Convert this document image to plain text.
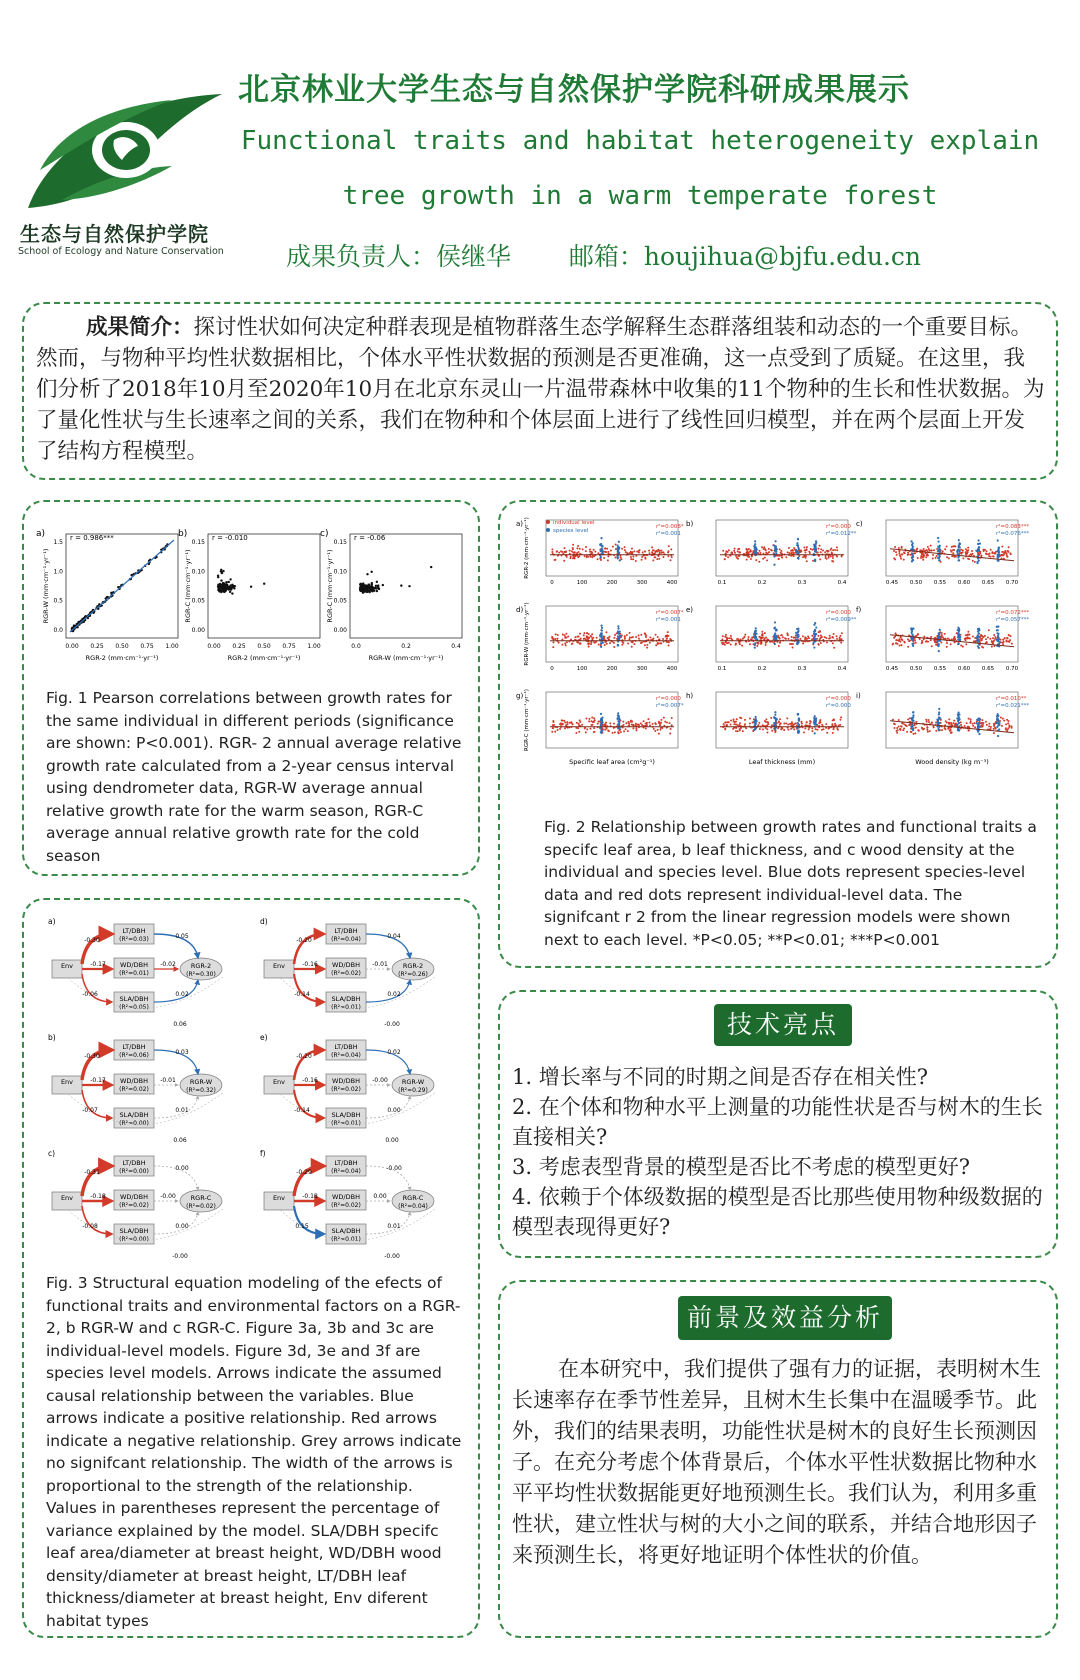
生态与自然保护学院
School of Ecology and Nature Conservation
北京林业大学生态与自然保护学院科研成果展示
Functional traits and habitat heterogeneity explain
tree growth in a warm temperate forest
成果负责人：侯继华 邮箱：houjihua@bjfu.edu.cn

成果简介：探讨性状如何决定种群表现是植物群落生态学解释生态群落组装和动态的一个重要目标。然而，与物种平均性状数据相比，个体水平性状数据的预测是否更准确，这一点受到了质疑。在这里，我们分析了2018年10月至2020年10月在北京东灵山一片温带森林中收集的11个物种的生长和性状数据。为了量化性状与生长速率之间的关系，我们在物种和个体层面上进行了线性回归模型，并在两个层面上开发了结构方程模型。

a)	r = 0.986***
RGR-W (mm·cm⁻¹·yr⁻¹)
RGR-2 (mm·cm⁻¹·yr⁻¹)
0.00 0.25 0.50 0.75 1.00
0.0
0.5
1.0
1.5
b)	r = -0.010
RGR-C (mm·cm⁻¹·yr⁻¹)
RGR-2 (mm·cm⁻¹·yr⁻¹)
0.00 0.25 0.50 0.75 1.00
0.00
0.05
0.10
0.15
c)	r = -0.06
RGR-C (mm·cm⁻¹·yr⁻¹)
RGR-W (mm·cm⁻¹·yr⁻¹)
0.0	0.2	0.4
0.00
0.05
0.10
0.15
Fig. 1 Pearson correlations between growth rates for the same individual in different periods (significance are shown: P<0.001). RGR- 2 annual average relative growth rate calculated from a 2-year census interval using dendrometer data, RGR-W average annual relative growth rate for the warm season, RGR-C average annual relative growth rate for the cold season
individual level
species level
a)	r²=0.008*
r²=0.001
0	100	200	300	400
RGR-2 (mm·cm⁻¹·yr⁻¹)	b)	r²=0.000
r²=0.012**
0.1	0.2	0.3	0.4
c)	r²=0.083***
r²=0.076***
0.45 0.50 0.55 0.60 0.65 0.70
d)	r²=0.007*
r²=0.001
0	100	200	300	400
RGR-W (mm·cm⁻¹·yr⁻¹)	e)	r²=0.000
r²=0.009**
0.1	0.2	0.3	0.4
f)	r²=0.072***
r²=0.057***
0.45 0.50 0.55 0.60 0.65 0.70
g)	r²=0.000
r²=0.007*
RGR-C (mm·cm⁻¹·yr⁻¹)
Specific leaf area (cm²g⁻¹)
h)	r²=0.000
r²=0.000
Leaf thickness (mm)
i)	r²=0.010**
r²=0.021***
Wood density (kg m⁻³)
Fig. 2 Relationship between growth rates and functional traits a specifc leaf area, b leaf thickness, and c wood density at the individual and species level. Blue dots represent species-level data and red dots represent individual-level data. The signifcant r 2 from the linear regression models were shown next to each level. *P<0.05; **P<0.01; ***P<0.001
a)
Env
LT/DBH
(R²=0.03)
WD/DBH
(R²=0.01)
SLA/DBH
(R²=0.05)
RGR-2
(R²=0.30)
-0.30
-0.17
-0.06
0.05
-0.02
0.02
0.06
d)
Env
LT/DBH
(R²=0.04)
WD/DBH
(R²=0.02)
SLA/DBH
(R²=0.01)
RGR-2
(R²=0.26)
-0.20
-0.16
-0.14
0.04
-0.01
0.02
-0.00
b)
Env
LT/DBH
(R²=0.06)
WD/DBH
(R²=0.02)
SLA/DBH
(R²=0.00)
RGR-W
(R²=0.32)
-0.30
-0.17
-0.07
0.03
-0.01
0.01
0.06
e)
Env
LT/DBH
(R²=0.04)
WD/DBH
(R²=0.02)
SLA/DBH
(R²=0.01)
RGR-W
(R²=0.29)
-0.20
-0.16
-0.14
0.02
-0.00
0.00
0.00
c)
Env
LT/DBH
(R²=0.00)
WD/DBH
(R²=0.02)
SLA/DBH
(R²=0.00)
RGR-C
(R²=0.02)
-0.31
-0.18
-0.08
0.00
-0.00
0.00
-0.00
f)
Env
LT/DBH
(R²=0.04)
WD/DBH
(R²=0.02)
SLA/DBH
(R²=0.01)
RGR-C
(R²=0.04)
-0.29
-0.18
0.15
-0.00
0.00
0.01
-0.00
Fig. 3 Structural equation modeling of the efects of functional traits and environmental factors on a RGR-2, b RGR-W and c RGR-C. Figure 3a, 3b and 3c are individual-level models. Figure 3d, 3e and 3f are species level models. Arrows indicate the assumed causal relationship between the variables. Blue arrows indicate a positive relationship. Red arrows indicate a negative relationship. Grey arrows indicate no signifcant relationship. The width of the arrows is proportional to the strength of the relationship. Values in parentheses represent the percentage of variance explained by the model. SLA/DBH specifc leaf area/diameter at breast height, WD/DBH wood density/diameter at breast height, LT/DBH leaf thickness/diameter at breast height, Env diferent habitat types
技术亮点
1. 增长率与不同的时期之间是否存在相关性?
2. 在个体和物种水平上测量的功能性状是否与树木的生长直接相关?
3. 考虑表型背景的模型是否比不考虑的模型更好?
4. 依赖于个体级数据的模型是否比那些使用物种级数据的模型表现得更好?
前景及效益分析
在本研究中，我们提供了强有力的证据，表明树木生长速率存在季节性差异，且树木生长集中在温暖季节。此外，我们的结果表明，功能性状是树木的良好生长预测因子。在充分考虑个体背景后，个体水平性状数据比物种水平平均性状数据能更好地预测生长。我们认为，利用多重性状，建立性状与树的大小之间的联系，并结合地形因子来预测生长，将更好地证明个体性状的价值。
